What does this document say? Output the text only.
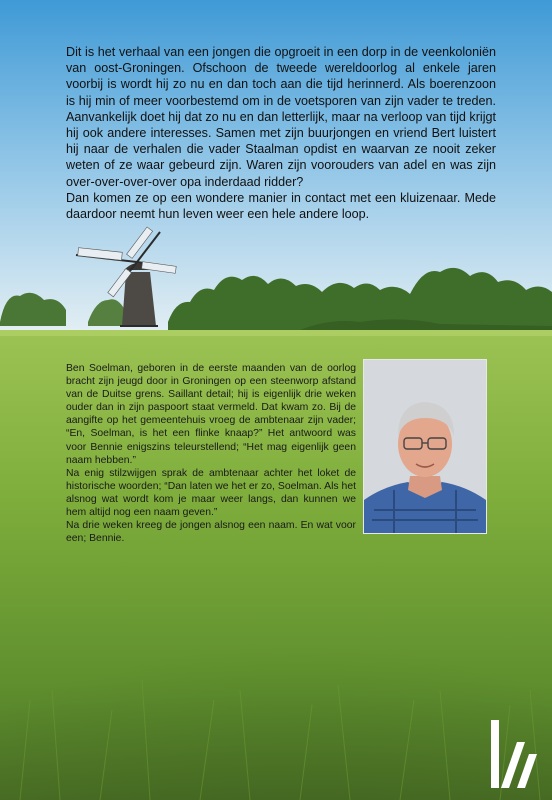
Dit is het verhaal van een jongen die opgroeit in een dorp in de veenkoloniën van oost-Groningen. Ofschoon de tweede wereldoorlog al enkele jaren voorbij is wordt hij zo nu en dan toch aan die tijd herinnerd. Als boerenzoon is hij min of meer voorbestemd om in de voetsporen van zijn vader te treden. Aanvankelijk doet hij dat zo nu en dan letterlijk, maar na verloop van tijd krijgt hij ook andere interesses. Samen met zijn buurjongen en vriend Bert luistert hij naar de verhalen die vader Staalman opdist en waarvan ze nooit zeker weten of ze waar gebeurd zijn. Waren zijn voorouders van adel en was zijn over-over-over-over opa inderdaad ridder?

Dan komen ze op een wondere manier in contact met een kluizenaar. Mede daardoor neemt hun leven weer een hele andere loop.

Ben Soelman, geboren in de eerste maanden van de oorlog bracht zijn jeugd door in Groningen op een steenworp afstand van de Duitse grens. Saillant detail; hij is eigenlijk drie weken ouder dan in zijn paspoort staat vermeld. Dat kwam zo. Bij de aangifte op het gemeentehuis vroeg de ambtenaar zijn vader; “En, Soelman, is het een flinke knaap?” Het antwoord was voor Bennie enigszins teleurstellend; “Het mag eigenlijk geen naam hebben.”

Na enig stilzwijgen sprak de ambtenaar achter het loket de historische woorden; “Dan laten we het er zo, Soelman. Als het alsnog wat wordt kom je maar weer langs, dan kunnen we hem altijd nog een naam geven.”

Na drie weken kreeg de jongen alsnog een naam. En wat voor een; Bennie.
